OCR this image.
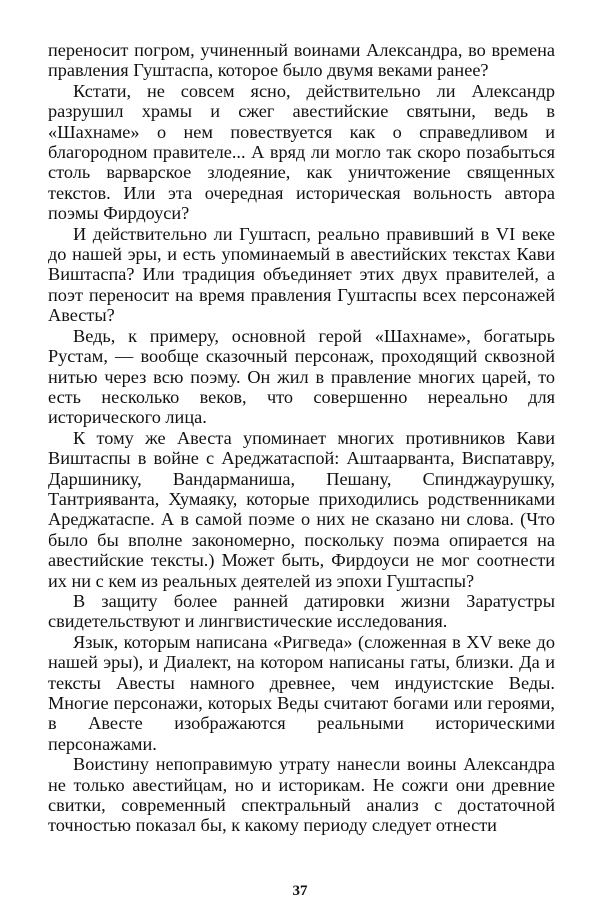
переносит погром, учиненный воинами Александра, во времена правления Гуштаспа, которое было двумя веками ранее?

Кстати, не совсем ясно, действительно ли Александр разрушил храмы и сжег авестийские святыни, ведь в «Шахнаме» о нем повествуется как о справедливом и благородном правителе... А вряд ли могло так скоро позабыться столь варварское злодеяние, как уничтожение священных текстов. Или эта очередная историческая вольность автора поэмы Фирдоуси?

И действительно ли Гуштасп, реально правивший в VI веке до нашей эры, и есть упоминаемый в авестийских текстах Кави Виштаспа? Или традиция объединяет этих двух правителей, а поэт переносит на время правления Гуштаспы всех персонажей Авесты?

Ведь, к примеру, основной герой «Шахнаме», богатырь Рустам, — вообще сказочный персонаж, проходящий сквозной нитью через всю поэму. Он жил в правление многих царей, то есть несколько веков, что совершенно нереально для исторического лица.

К тому же Авеста упоминает многих противников Кави Виштаспы в войне с Ареджатаспой: Аштаарванта, Виспатавру, Даршинику, Вандарманиша, Пешану, Спинджаурушку, Тантрияванта, Хумаяку, которые приходились родственниками Ареджатаспе. А в самой поэме о них не сказано ни слова. (Что было бы вполне закономерно, поскольку поэма опирается на авестийские тексты.) Может быть, Фирдоуси не мог соотнести их ни с кем из реальных деятелей из эпохи Гуштаспы?

В защиту более ранней датировки жизни Заратустры свидетельствуют и лингвистические исследования.

Язык, которым написана «Ригведа» (сложенная в XV веке до нашей эры), и Диалект, на котором написаны гаты, близки. Да и тексты Авесты намного древнее, чем индуистские Веды. Многие персонажи, которых Веды считают богами или героями, в Авесте изображаются реальными историческими персонажами.

Воистину непоправимую утрату нанесли воины Александра не только авестийцам, но и историкам. Не сожги они древние свитки, современный спектральный анализ с достаточной точностью показал бы, к какому периоду следует отнести

37
